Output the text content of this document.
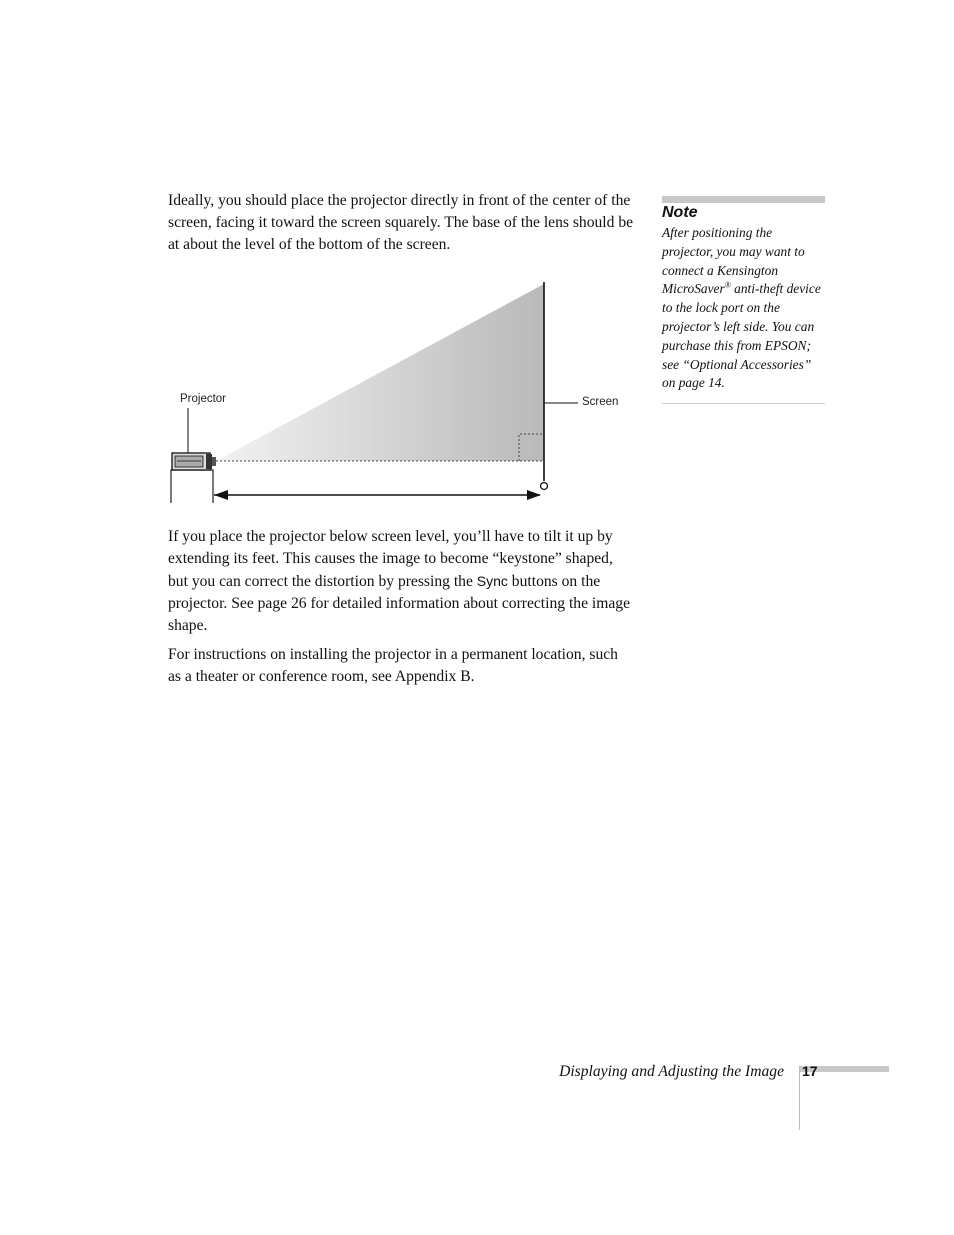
Ideally, you should place the projector directly in front of the center of the screen, facing it toward the screen squarely. The base of the lens should be at about the level of the bottom of the screen.

Screen
Projector

If you place the projector below screen level, you’ll have to tilt it up by extending its feet. This causes the image to become “keystone” shaped, but you can correct the distortion by pressing the Sync buttons on the projector. See page 26 for detailed information about correcting the image shape.

For instructions on installing the projector in a permanent location, such as a theater or conference room, see Appendix B.

Note
After positioning the projector, you may want to connect a Kensington MicroSaver® anti-theft device to the lock port on the projector’s left side. You can purchase this from EPSON; see “Optional Accessories” on page 14.
Displaying and Adjusting the Image 17
